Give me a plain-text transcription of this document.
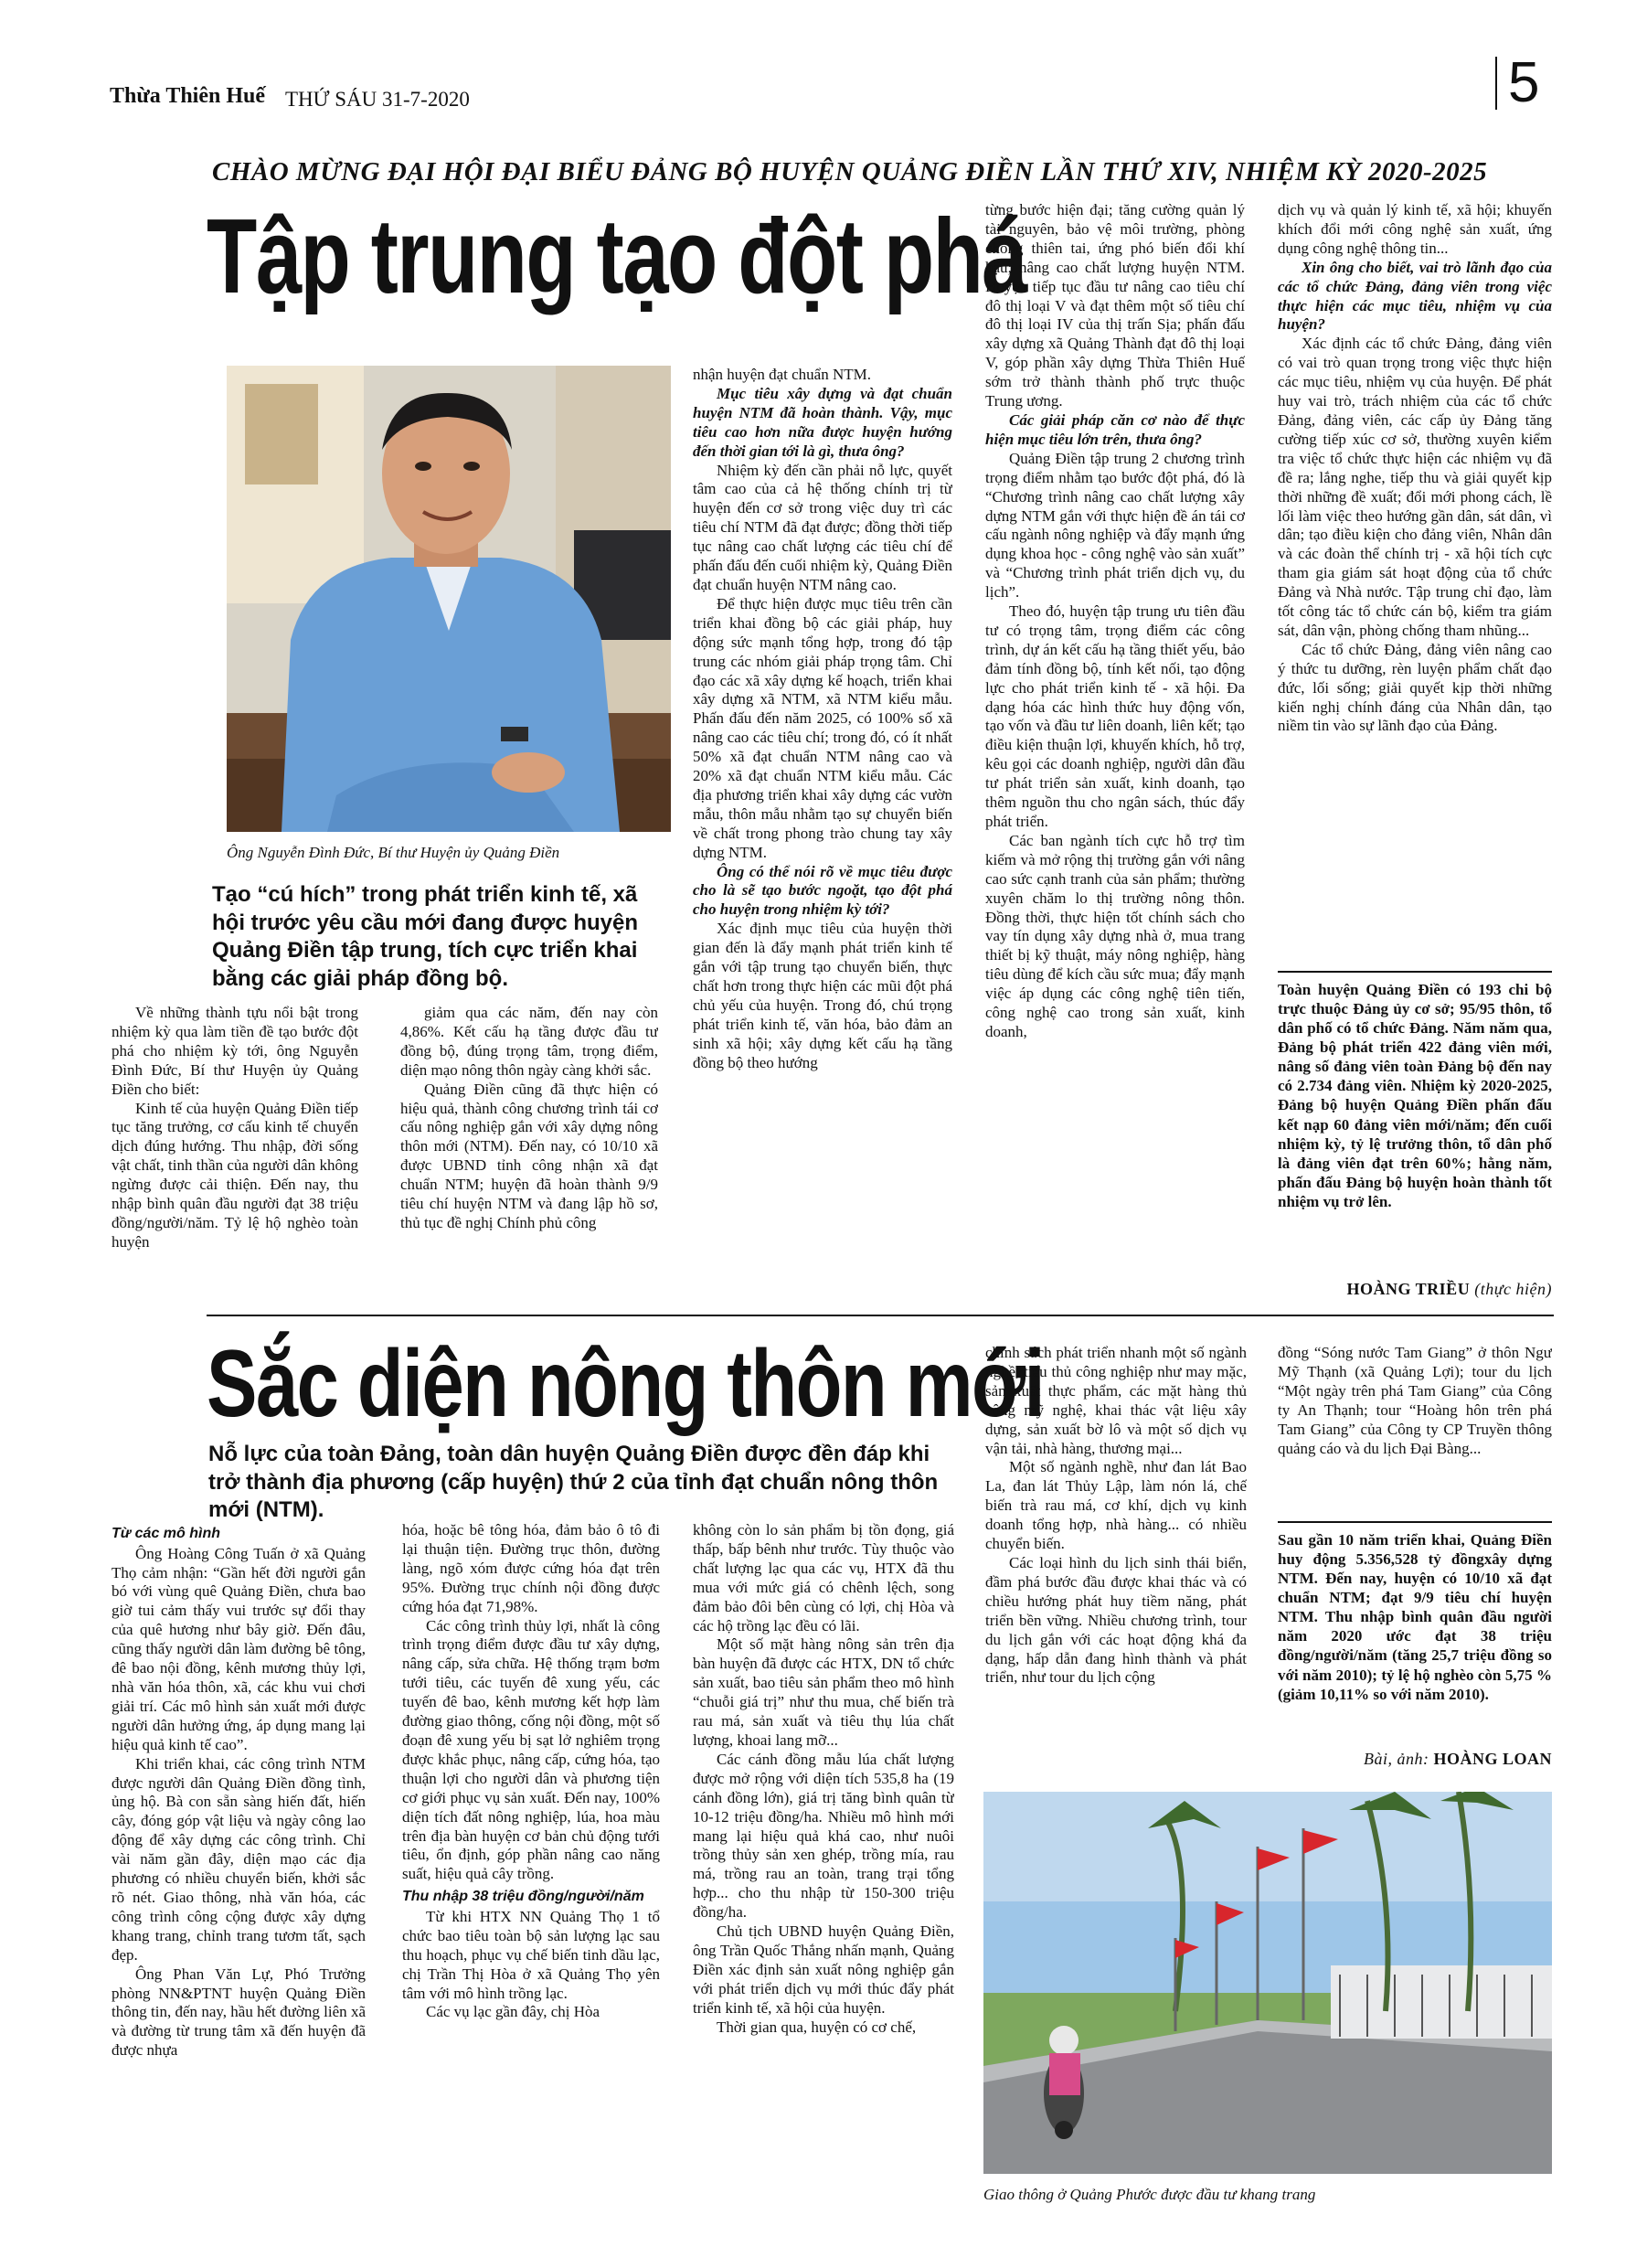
Thừa Thiên Huế THỨ SÁU 31-7-2020	5
CHÀO MỪNG ĐẠI HỘI ĐẠI BIỂU ĐẢNG BỘ HUYỆN QUẢNG ĐIỀN LẦN THỨ XIV, NHIỆM KỲ 2020-2025
Tập trung tạo đột phá
Ông Nguyễn Đình Đức, Bí thư Huyện ủy Quảng Điền
Tạo “cú hích” trong phát triển kinh tế, xã hội trước yêu cầu mới đang được huyện Quảng Điền tập trung, tích cực triển khai bằng các giải pháp đồng bộ.

Về những thành tựu nổi bật trong nhiệm kỳ qua làm tiền đề tạo bước đột phá cho nhiệm kỳ tới, ông Nguyễn Đình Đức, Bí thư Huyện ủy Quảng Điền cho biết:

Kinh tế của huyện Quảng Điền tiếp tục tăng trưởng, cơ cấu kinh tế chuyển dịch đúng hướng. Thu nhập, đời sống vật chất, tinh thần của người dân không ngừng được cải thiện. Đến nay, thu nhập bình quân đầu người đạt 38 triệu đồng/người/năm. Tỷ lệ hộ nghèo toàn huyện

giảm qua các năm, đến nay còn 4,86%. Kết cấu hạ tầng được đầu tư đồng bộ, đúng trọng tâm, trọng điểm, diện mạo nông thôn ngày càng khởi sắc.

Quảng Điền cũng đã thực hiện có hiệu quả, thành công chương trình tái cơ cấu nông nghiệp gắn với xây dựng nông thôn mới (NTM). Đến nay, có 10/10 xã được UBND tỉnh công nhận xã đạt chuẩn NTM; huyện đã hoàn thành 9/9 tiêu chí huyện NTM và đang lập hồ sơ, thủ tục đề nghị Chính phủ công

nhận huyện đạt chuẩn NTM.

Mục tiêu xây dựng và đạt chuẩn huyện NTM đã hoàn thành. Vậy, mục tiêu cao hơn nữa được huyện hướng đến thời gian tới là gì, thưa ông?

Nhiệm kỳ đến cần phải nỗ lực, quyết tâm cao của cả hệ thống chính trị từ huyện đến cơ sở trong việc duy trì các tiêu chí NTM đã đạt được; đồng thời tiếp tục nâng cao chất lượng các tiêu chí để phấn đấu đến cuối nhiệm kỳ, Quảng Điền đạt chuẩn huyện NTM nâng cao.

Để thực hiện được mục tiêu trên cần triển khai đồng bộ các giải pháp, huy động sức mạnh tổng hợp, trong đó tập trung các nhóm giải pháp trọng tâm. Chỉ đạo các xã xây dựng kế hoạch, triển khai xây dựng xã NTM, xã NTM kiểu mẫu. Phấn đấu đến năm 2025, có 100% số xã nâng cao các tiêu chí; trong đó, có ít nhất 50% xã đạt chuẩn NTM nâng cao và 20% xã đạt chuẩn NTM kiểu mẫu. Các địa phương triển khai xây dựng các vườn mẫu, thôn mẫu nhằm tạo sự chuyển biến về chất trong phong trào chung tay xây dựng NTM.

Ông có thể nói rõ về mục tiêu được cho là sẽ tạo bước ngoặt, tạo đột phá cho huyện trong nhiệm kỳ tới?

Xác định mục tiêu của huyện thời gian đến là đẩy mạnh phát triển kinh tế gắn với tập trung tạo chuyển biến, thực chất hơn trong thực hiện các mũi đột phá chủ yếu của huyện. Trong đó, chú trọng phát triển kinh tế, văn hóa, bảo đảm an sinh xã hội; xây dựng kết cấu hạ tầng đồng bộ theo hướng

từng bước hiện đại; tăng cường quản lý tài nguyên, bảo vệ môi trường, phòng chống thiên tai, ứng phó biến đổi khí hậu; nâng cao chất lượng huyện NTM. Huyện tiếp tục đầu tư nâng cao tiêu chí đô thị loại V và đạt thêm một số tiêu chí đô thị loại IV của thị trấn Sịa; phấn đấu xây dựng xã Quảng Thành đạt đô thị loại V, góp phần xây dựng Thừa Thiên Huế sớm trở thành thành phố trực thuộc Trung ương.

Các giải pháp căn cơ nào để thực hiện mục tiêu lớn trên, thưa ông?

Quảng Điền tập trung 2 chương trình trọng điểm nhằm tạo bước đột phá, đó là “Chương trình nâng cao chất lượng xây dựng NTM gắn với thực hiện đề án tái cơ cấu ngành nông nghiệp và đẩy mạnh ứng dụng khoa học - công nghệ vào sản xuất” và “Chương trình phát triển dịch vụ, du lịch”.

Theo đó, huyện tập trung ưu tiên đầu tư có trọng tâm, trọng điểm các công trình, dự án kết cấu hạ tầng thiết yếu, bảo đảm tính đồng bộ, tính kết nối, tạo động lực cho phát triển kinh tế - xã hội. Đa dạng hóa các hình thức huy động vốn, tạo vốn và đầu tư liên doanh, liên kết; tạo điều kiện thuận lợi, khuyến khích, hỗ trợ, kêu gọi các doanh nghiệp, người dân đầu tư phát triển sản xuất, kinh doanh, tạo thêm nguồn thu cho ngân sách, thúc đẩy phát triển.

Các ban ngành tích cực hỗ trợ tìm kiếm và mở rộng thị trường gắn với nâng cao sức cạnh tranh của sản phẩm; thường xuyên chăm lo thị trường nông thôn. Đồng thời, thực hiện tốt chính sách cho vay tín dụng xây dựng nhà ở, mua trang thiết bị kỹ thuật, máy nông nghiệp, hàng tiêu dùng để kích cầu sức mua; đẩy mạnh việc áp dụng các công nghệ tiên tiến, công nghệ cao trong sản xuất, kinh doanh,

dịch vụ và quản lý kinh tế, xã hội; khuyến khích đổi mới công nghệ sản xuất, ứng dụng công nghệ thông tin...

Xin ông cho biết, vai trò lãnh đạo của các tổ chức Đảng, đảng viên trong việc thực hiện các mục tiêu, nhiệm vụ của huyện?

Xác định các tổ chức Đảng, đảng viên có vai trò quan trọng trong việc thực hiện các mục tiêu, nhiệm vụ của huyện. Để phát huy vai trò, trách nhiệm của các tổ chức Đảng, đảng viên, các cấp ủy Đảng tăng cường tiếp xúc cơ sở, thường xuyên kiểm tra việc tổ chức thực hiện các nhiệm vụ đã đề ra; lắng nghe, tiếp thu và giải quyết kịp thời những đề xuất; đổi mới phong cách, lề lối làm việc theo hướng gần dân, sát dân, vì dân; tạo điều kiện cho đảng viên, Nhân dân và các đoàn thể chính trị - xã hội tích cực tham gia giám sát hoạt động của tổ chức Đảng và Nhà nước. Tập trung chỉ đạo, làm tốt công tác tổ chức cán bộ, kiểm tra giám sát, dân vận, phòng chống tham nhũng...

Các tổ chức Đảng, đảng viên nâng cao ý thức tu dưỡng, rèn luyện phẩm chất đạo đức, lối sống; giải quyết kịp thời những kiến nghị chính đáng của Nhân dân, tạo niềm tin vào sự lãnh đạo của Đảng.

Toàn huyện Quảng Điền có 193 chi bộ trực thuộc Đảng ủy cơ sở; 95/95 thôn, tổ dân phố có tổ chức Đảng. Năm năm qua, Đảng bộ phát triển 422 đảng viên mới, nâng số đảng viên toàn Đảng bộ đến nay có 2.734 đảng viên. Nhiệm kỳ 2020-2025, Đảng bộ huyện Quảng Điền phấn đấu kết nạp 60 đảng viên mới/năm; đến cuối nhiệm kỳ, tỷ lệ trưởng thôn, tổ dân phố là đảng viên đạt trên 60%; hằng năm, phấn đấu Đảng bộ huyện hoàn thành tốt nhiệm vụ trở lên.
HOÀNG TRIỀU (thực hiện)
Sắc diện nông thôn mới
Nỗ lực của toàn Đảng, toàn dân huyện Quảng Điền được đền đáp khi trở thành địa phương (cấp huyện) thứ 2 của tỉnh đạt chuẩn nông thôn mới (NTM).

Từ các mô hình

Ông Hoàng Công Tuấn ở xã Quảng Thọ cảm nhận: “Gần hết đời người gắn bó với vùng quê Quảng Điền, chưa bao giờ tui cảm thấy vui trước sự đổi thay của quê hương như bây giờ. Đến đâu, cũng thấy người dân làm đường bê tông, đê bao nội đồng, kênh mương thủy lợi, nhà văn hóa thôn, xã, các khu vui chơi giải trí. Các mô hình sản xuất mới được người dân hưởng ứng, áp dụng mang lại hiệu quả kinh tế cao”.

Khi triển khai, các công trình NTM được người dân Quảng Điền đồng tình, ủng hộ. Bà con sẵn sàng hiến đất, hiến cây, đóng góp vật liệu và ngày công lao động để xây dựng các công trình. Chỉ vài năm gần đây, diện mạo các địa phương có nhiều chuyển biến, khởi sắc rõ nét. Giao thông, nhà văn hóa, các công trình công cộng được xây dựng khang trang, chỉnh trang tươm tất, sạch đẹp.

Ông Phan Văn Lự, Phó Trưởng phòng NN&PTNT huyện Quảng Điền thông tin, đến nay, hầu hết đường liên xã và đường từ trung tâm xã đến huyện đã được nhựa

hóa, hoặc bê tông hóa, đảm bảo ô tô đi lại thuận tiện. Đường trục thôn, đường làng, ngõ xóm được cứng hóa đạt trên 95%. Đường trục chính nội đồng được cứng hóa đạt 71,98%.

Các công trình thủy lợi, nhất là công trình trọng điểm được đầu tư xây dựng, nâng cấp, sửa chữa. Hệ thống trạm bơm tưới tiêu, các tuyến đê xung yếu, các tuyến đê bao, kênh mương kết hợp làm đường giao thông, cống nội đồng, một số đoạn đê xung yếu bị sạt lở nghiêm trọng được khắc phục, nâng cấp, cứng hóa, tạo thuận lợi cho người dân và phương tiện cơ giới phục vụ sản xuất. Đến nay, 100% diện tích đất nông nghiệp, lúa, hoa màu trên địa bàn huyện cơ bản chủ động tưới tiêu, ổn định, góp phần nâng cao năng suất, hiệu quả cây trồng.

Thu nhập 38 triệu đồng/người/năm

Từ khi HTX NN Quảng Thọ 1 tổ chức bao tiêu toàn bộ sản lượng lạc sau thu hoạch, phục vụ chế biến tinh dầu lạc, chị Trần Thị Hòa ở xã Quảng Thọ yên tâm với mô hình trồng lạc.

Các vụ lạc gần đây, chị Hòa

không còn lo sản phẩm bị tồn đọng, giá thấp, bấp bênh như trước. Tùy thuộc vào chất lượng lạc qua các vụ, HTX đã thu mua với mức giá có chênh lệch, song đảm bảo đôi bên cùng có lợi, chị Hòa và các hộ trồng lạc đều có lãi.

Một số mặt hàng nông sản trên địa bàn huyện đã được các HTX, DN tổ chức sản xuất, bao tiêu sản phẩm theo mô hình “chuỗi giá trị” như thu mua, chế biến trà rau má, sản xuất và tiêu thụ lúa chất lượng, khoai lang mỡ...

Các cánh đồng mẫu lúa chất lượng được mở rộng với diện tích 535,8 ha (19 cánh đồng lớn), giá trị tăng bình quân từ 10-12 triệu đồng/ha. Nhiều mô hình mới mang lại hiệu quả khá cao, như nuôi trồng thủy sản xen ghép, trồng mía, rau má, trồng rau an toàn, trang trại tổng hợp... cho thu nhập từ 150-300 triệu đồng/ha.

Chủ tịch UBND huyện Quảng Điền, ông Trần Quốc Thắng nhấn mạnh, Quảng Điền xác định sản xuất nông nghiệp gắn với phát triển dịch vụ mới thúc đẩy phát triển kinh tế, xã hội của huyện.

Thời gian qua, huyện có cơ chế,

chính sách phát triển nhanh một số ngành nghề, tiểu thủ công nghiệp như may mặc, sản xuất thực phẩm, các mặt hàng thủ công mỹ nghệ, khai thác vật liệu xây dựng, sản xuất bờ lô và một số dịch vụ vận tải, nhà hàng, thương mại...

Một số ngành nghề, như đan lát Bao La, đan lát Thủy Lập, làm nón lá, chế biến trà rau má, cơ khí, dịch vụ kinh doanh tổng hợp, nhà hàng... có nhiều chuyển biến.

Các loại hình du lịch sinh thái biển, đầm phá bước đầu được khai thác và có chiều hướng phát huy tiềm năng, phát triển bền vững. Nhiều chương trình, tour du lịch gắn với các hoạt động khá đa dạng, hấp dẫn đang hình thành và phát triển, như tour du lịch cộng

đồng “Sóng nước Tam Giang” ở thôn Ngư Mỹ Thạnh (xã Quảng Lợi); tour du lịch “Một ngày trên phá Tam Giang” của Công ty An Thạnh; tour “Hoàng hôn trên phá Tam Giang” của Công ty CP Truyền thông quảng cáo và du lịch Đại Bàng...

Sau gần 10 năm triển khai, Quảng Điền huy động 5.356,528 tỷ đồngxây dựng NTM. Đến nay, huyện có 10/10 xã đạt chuẩn NTM; đạt 9/9 tiêu chí huyện NTM. Thu nhập bình quân đầu người năm 2020 ước đạt 38 triệu đồng/người/năm (tăng 25,7 triệu đồng so với năm 2010); tỷ lệ hộ nghèo còn 5,75 % (giảm 10,11% so với năm 2010).
Bài, ảnh: HOÀNG LOAN
Giao thông ở Quảng Phước được đầu tư khang trang
